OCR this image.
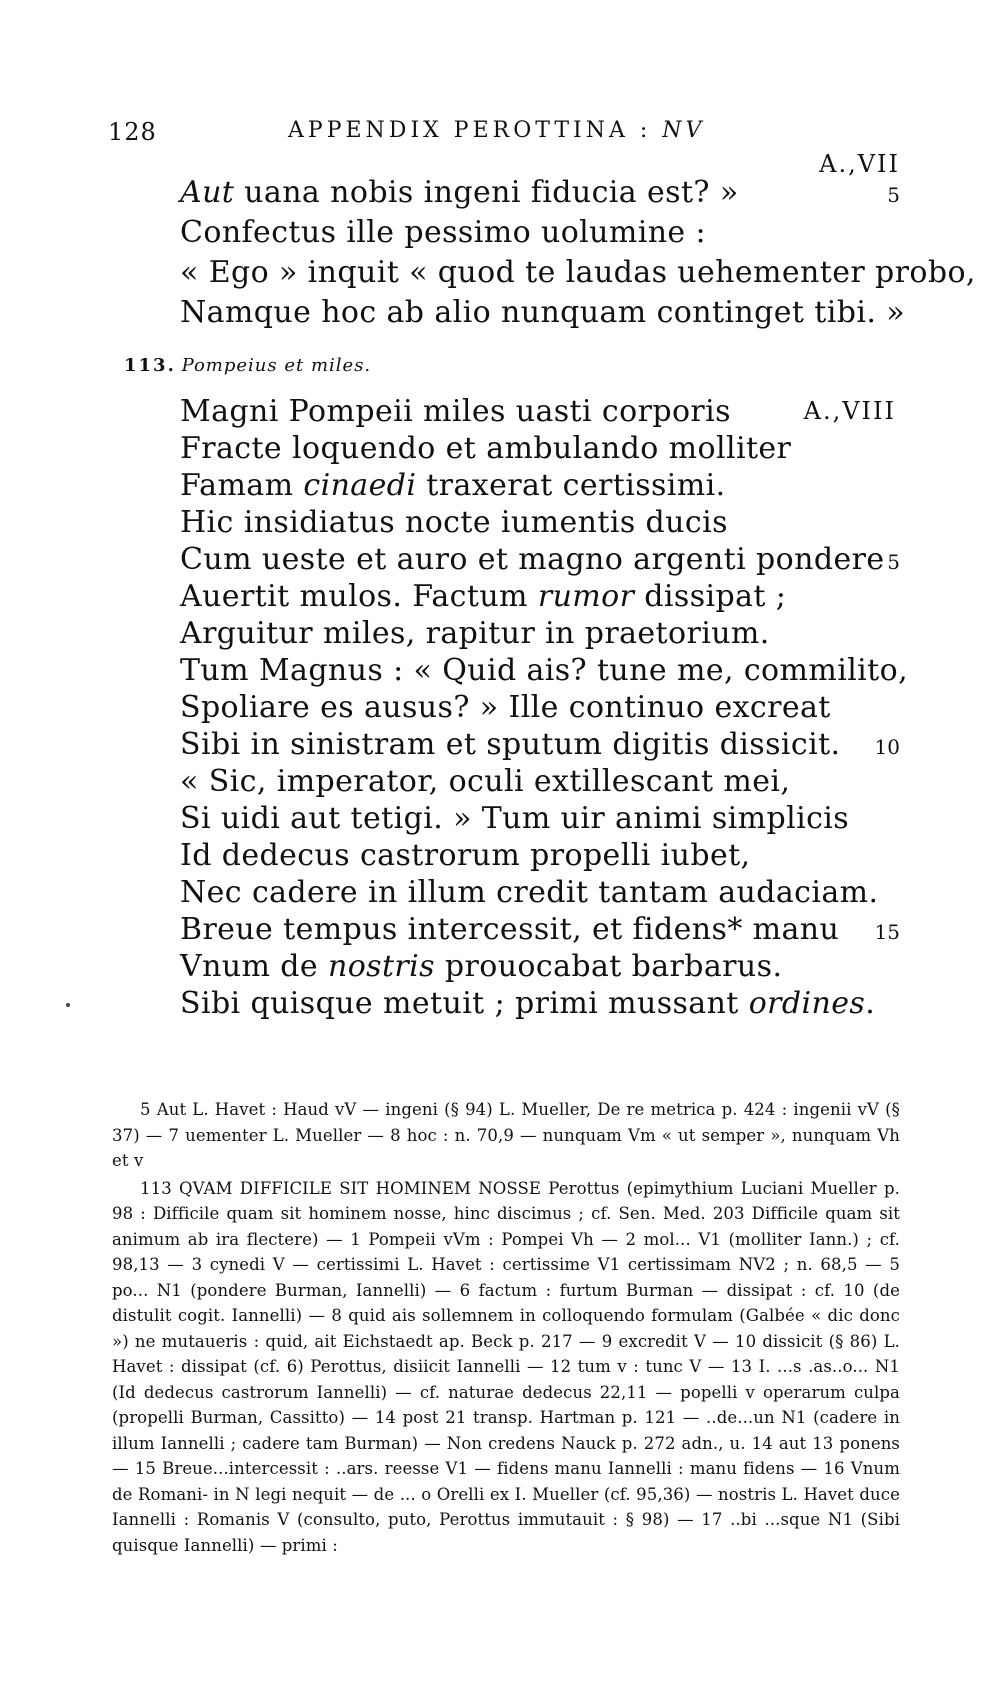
128	APPENDIX PEROTTINA : NV
A.,VII
Aut uana nobis ingeni fiducia est? »	5
Confectus ille pessimo uolumine :
« Ego » inquit « quod te laudas uehementer probo,
Namque hoc ab alio nunquam continget tibi. »
113. Pompeius et miles.
A.,VIII
Magni Pompeii miles uasti corporis
Fracte loquendo et ambulando molliter
Famam cinaedi traxerat certissimi.
Hic insidiatus nocte iumentis ducis
Cum ueste et auro et magno argenti pondere 5
Auertit mulos. Factum rumor dissipat ;
Arguitur miles, rapitur in praetorium.
Tum Magnus : « Quid ais? tune me, commilito,
Spoliare es ausus? » Ille continuo excreat
Sibi in sinistram et sputum digitis dissicit. 10
« Sic, imperator, oculi extillescant mei,
Si uidi aut tetigi. » Tum uir animi simplicis
Id dedecus castrorum propelli iubet,
Nec cadere in illum credit tantam audaciam.
Breue tempus intercessit, et fidens* manu 15
Vnum de nostris prouocabat barbarus.
Sibi quisque metuit ; primi mussant ordines.

5 Aut L. Havet : Haud vV — ingeni (§ 94) L. Mueller, De re metrica p. 424 : ingenii vV (§ 37) — 7 uementer L. Mueller — 8 hoc : n. 70,9 — nunquam Vm « ut semper », nunquam Vh et v

113 QVAM DIFFICILE SIT HOMINEM NOSSE Perottus (epimythium Luciani Mueller p. 98 : Difficile quam sit hominem nosse, hinc discimus ; cf. Sen. Med. 203 Difficile quam sit animum ab ira flectere) — 1 Pompeii vVm : Pompei Vh — 2 mol... V1 (molliter Iann.) ; cf. 98,13 — 3 cynedi V — certissimi L. Havet : certissime V1 certissimam NV2 ; n. 68,5 — 5 po... N1 (pondere Burman, Iannelli) — 6 factum : furtum Burman — dissipat : cf. 10 (de distulit cogit. Iannelli) — 8 quid ais sollemnem in colloquendo formulam (Galbée « dic donc ») ne mutaueris : quid, ait Eichstaedt ap. Beck p. 217 — 9 excredit V — 10 dissicit (§ 86) L. Havet : dissipat (cf. 6) Perottus, disiicit Iannelli — 12 tum v : tunc V — 13 I. ...s .as..o... N1 (Id dedecus castrorum Iannelli) — cf. naturae dedecus 22,11 — popelli v operarum culpa (propelli Burman, Cassitto) — 14 post 21 transp. Hartman p. 121 — ..de...un N1 (cadere in illum Iannelli ; cadere tam Burman) — Non credens Nauck p. 272 adn., u. 14 aut 13 ponens — 15 Breue...intercessit : ..ars. reesse V1 — fidens manu Iannelli : manu fidens — 16 Vnum de Romani- in N legi nequit — de ... o Orelli ex I. Mueller (cf. 95,36) — nostris L. Havet duce Iannelli : Romanis V (consulto, puto, Perottus immutauit : § 98) — 17 ..bi ...sque N1 (Sibi quisque Iannelli) — primi :
